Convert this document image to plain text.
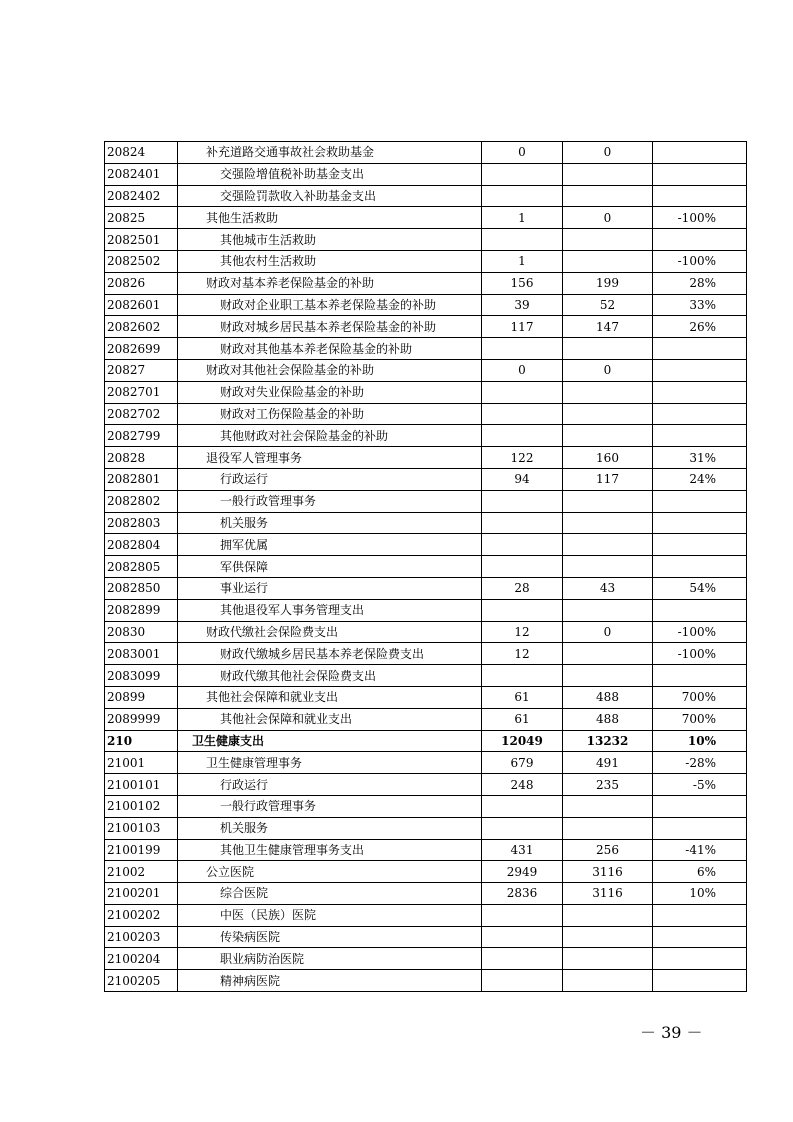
20824	补充道路交通事故社会救助基金	0	0	
2082401	交强险增值税补助基金支出			
2082402	交强险罚款收入补助基金支出			
20825	其他生活救助	1	0	-100%
2082501	其他城市生活救助			
2082502	其他农村生活救助	1		-100%
20826	财政对基本养老保险基金的补助	156	199	28%
2082601	财政对企业职工基本养老保险基金的补助	39	52	33%
2082602	财政对城乡居民基本养老保险基金的补助	117	147	26%
2082699	财政对其他基本养老保险基金的补助			
20827	财政对其他社会保险基金的补助	0	0	
2082701	财政对失业保险基金的补助			
2082702	财政对工伤保险基金的补助			
2082799	其他财政对社会保险基金的补助			
20828	退役军人管理事务	122	160	31%
2082801	行政运行	94	117	24%
2082802	一般行政管理事务			
2082803	机关服务			
2082804	拥军优属			
2082805	军供保障			
2082850	事业运行	28	43	54%
2082899	其他退役军人事务管理支出			
20830	财政代缴社会保险费支出	12	0	-100%
2083001	财政代缴城乡居民基本养老保险费支出	12		-100%
2083099	财政代缴其他社会保险费支出			
20899	其他社会保障和就业支出	61	488	700%
2089999	其他社会保障和就业支出	61	488	700%
210	卫生健康支出	12049	13232	10%
21001	卫生健康管理事务	679	491	-28%
2100101	行政运行	248	235	-5%
2100102	一般行政管理事务			
2100103	机关服务			
2100199	其他卫生健康管理事务支出	431	256	-41%
21002	公立医院	2949	3116	6%
2100201	综合医院	2836	3116	10%
2100202	中医（民族）医院			
2100203	传染病医院			
2100204	职业病防治医院			
2100205	精神病医院			
－ 39 －
